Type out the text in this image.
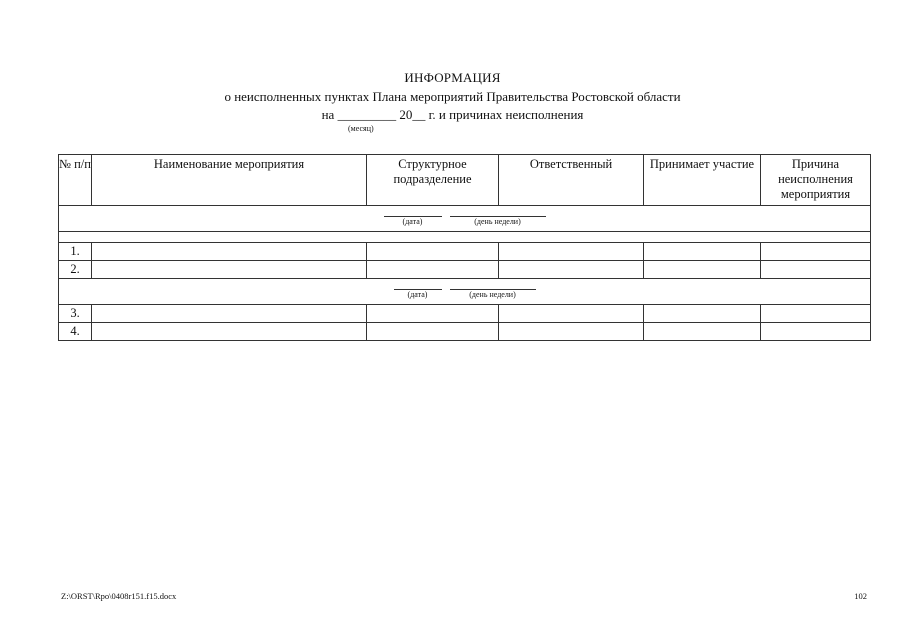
ИНФОРМАЦИЯ
о неисполненных пунктах Плана мероприятий Правительства Ростовской области
на _________ 20__ г. и причинах неисполнения
(месяц)
№ п/п	Наименование мероприятия	Структурное подразделение	Ответственный	Принимает участие	Причина неисполнения мероприятия
(дата) (день недели)					

1.					
2.					
(дата) (день недели)					
3.					
4.					
Z:\ORST\Rpo\0408r151.f15.docx	102
